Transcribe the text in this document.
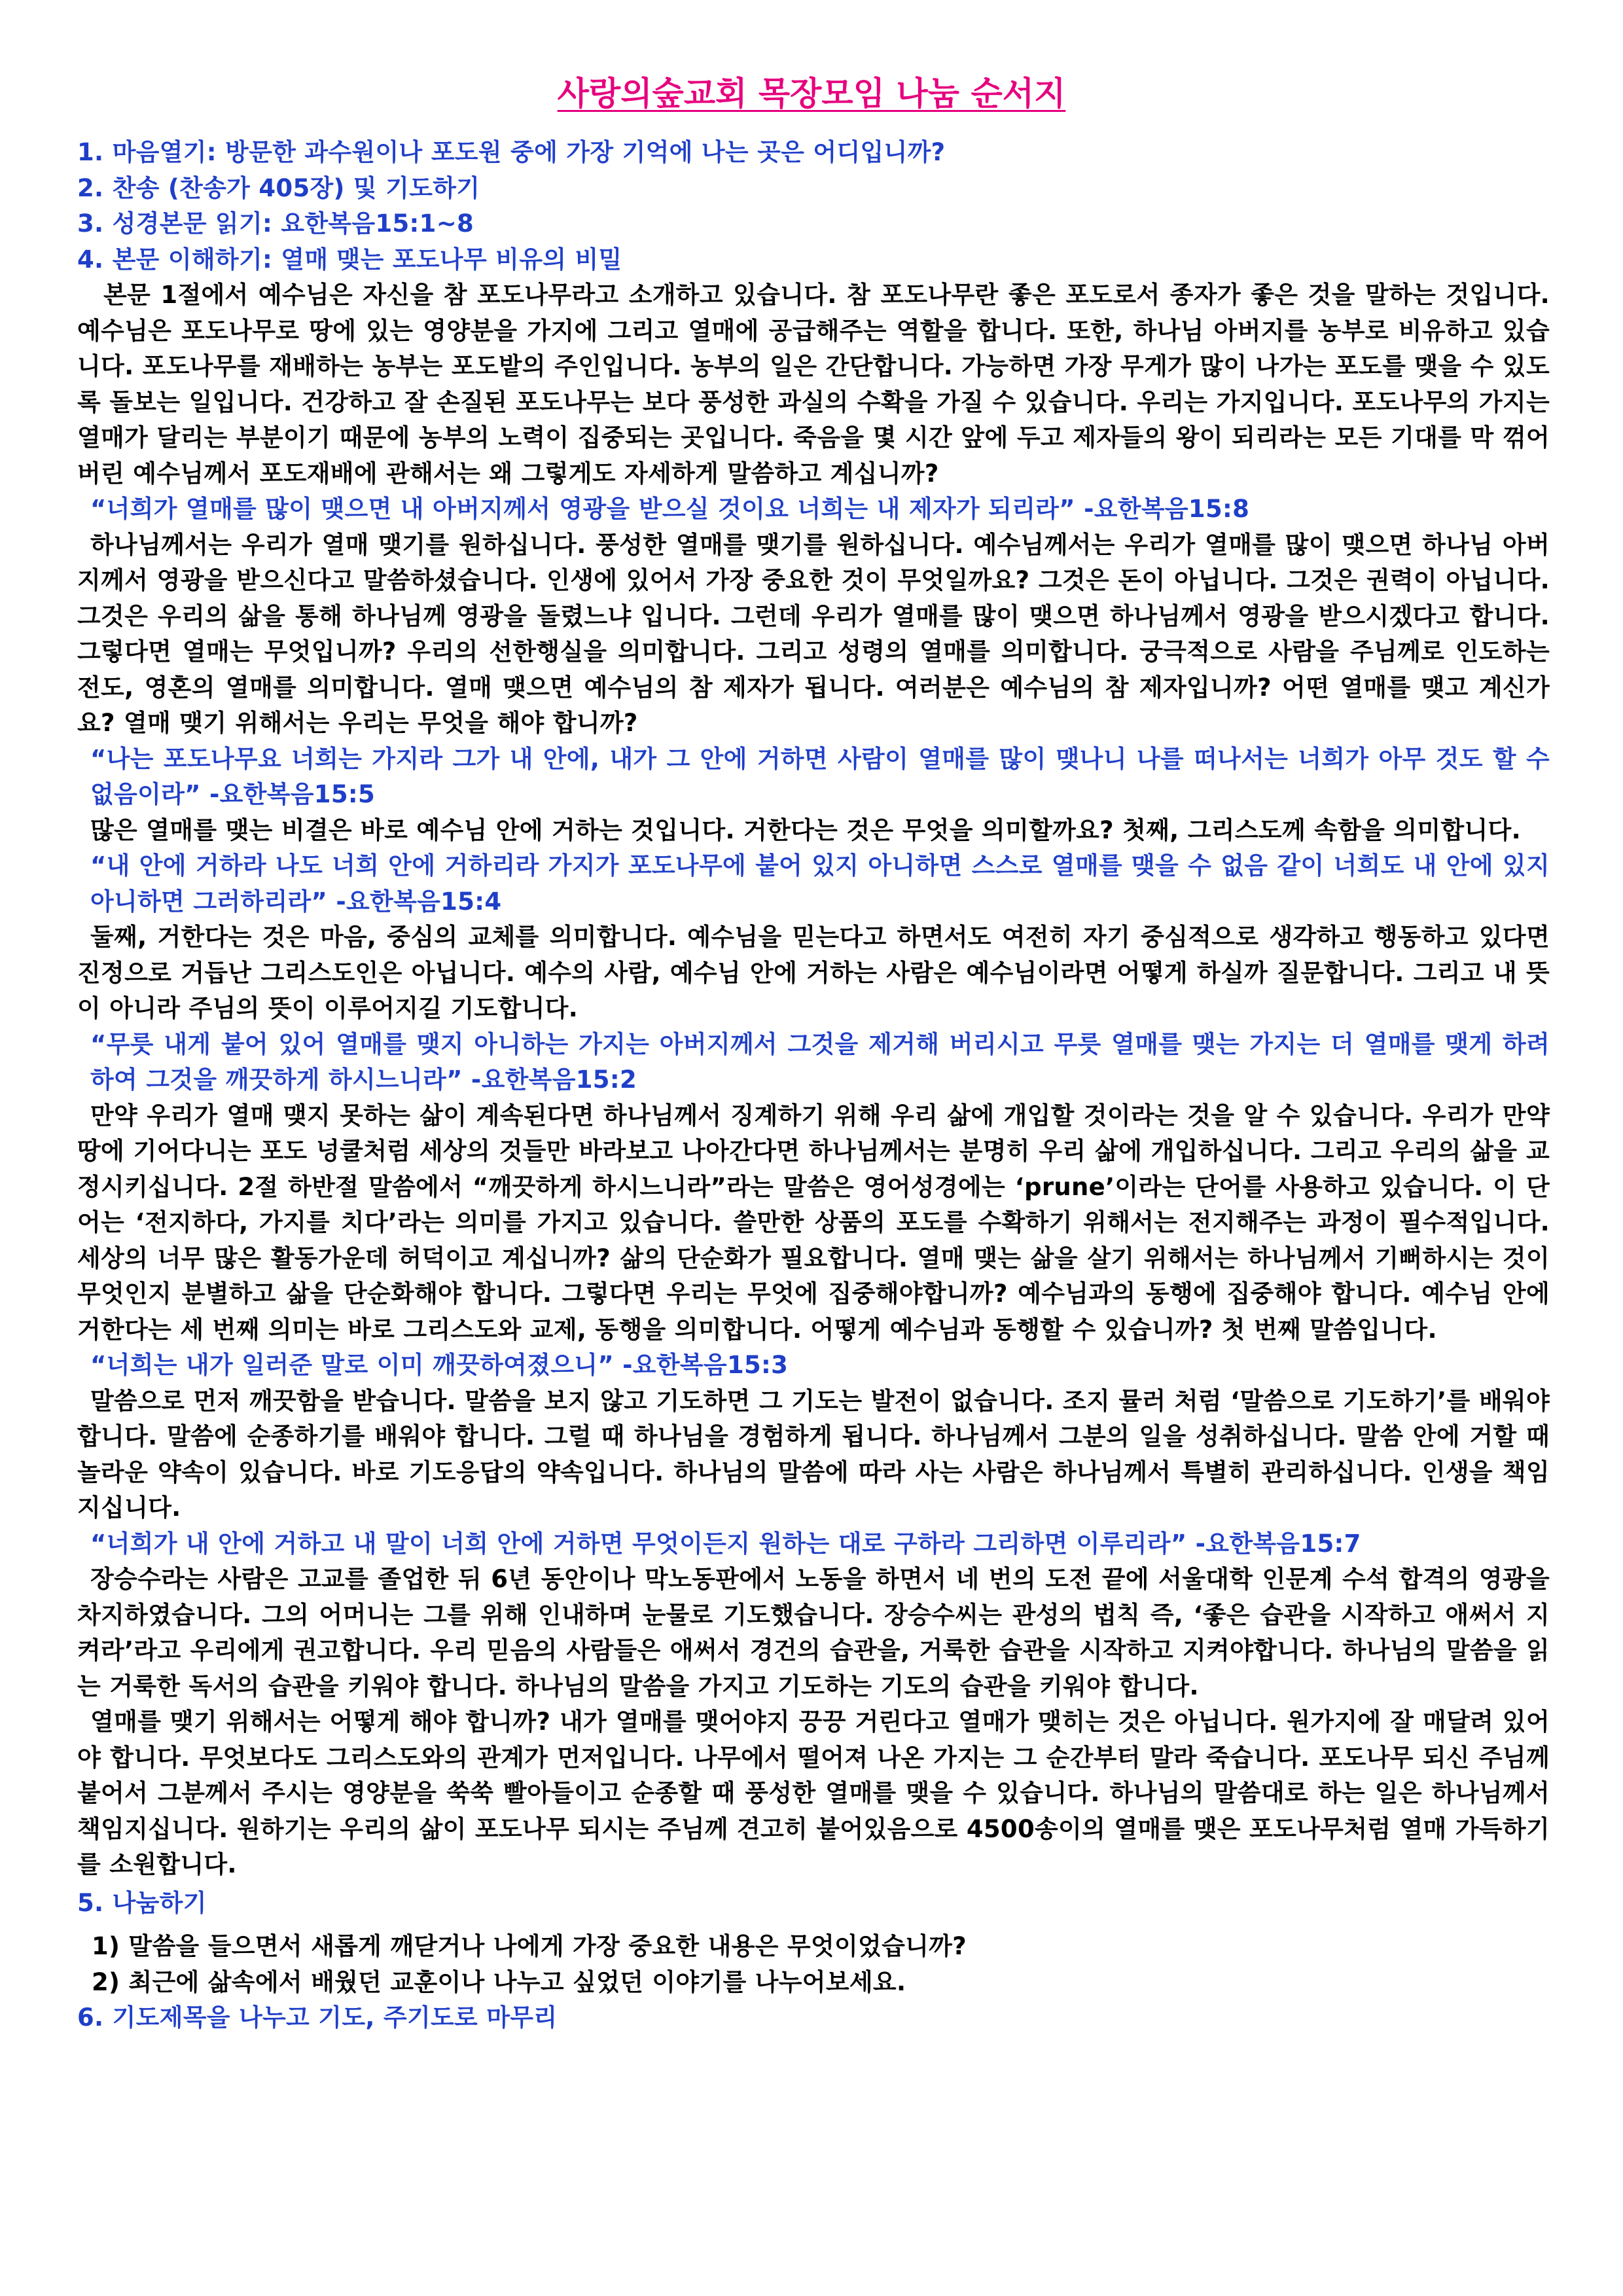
사랑의숲교회 목장모임 나눔 순서지

1. 마음열기: 방문한 과수원이나 포도원 중에 가장 기억에 나는 곳은 어디입니까?

2. 찬송 (찬송가 405장) 및 기도하기

3. 성경본문 읽기: 요한복음15:1~8

4. 본문 이해하기: 열매 맺는 포도나무 비유의 비밀

본문 1절에서 예수님은 자신을 참 포도나무라고 소개하고 있습니다. 참 포도나무란 좋은 포도로서 종자가 좋은 것을 말하는 것입니다. 예수님은 포도나무로 땅에 있는 영양분을 가지에 그리고 열매에 공급해주는 역할을 합니다. 또한, 하나님 아버지를 농부로 비유하고 있습니다. 포도나무를 재배하는 농부는 포도밭의 주인입니다. 농부의 일은 간단합니다. 가능하면 가장 무게가 많이 나가는 포도를 맺을 수 있도록 돌보는 일입니다. 건강하고 잘 손질된 포도나무는 보다 풍성한 과실의 수확을 가질 수 있습니다. 우리는 가지입니다. 포도나무의 가지는 열매가 달리는 부분이기 때문에 농부의 노력이 집중되는 곳입니다. 죽음을 몇 시간 앞에 두고 제자들의 왕이 되리라는 모든 기대를 막 꺾어버린 예수님께서 포도재배에 관해서는 왜 그렇게도 자세하게 말씀하고 계십니까?

“너희가 열매를 많이 맺으면 내 아버지께서 영광을 받으실 것이요 너희는 내 제자가 되리라” -요한복음15:8

하나님께서는 우리가 열매 맺기를 원하십니다. 풍성한 열매를 맺기를 원하십니다. 예수님께서는 우리가 열매를 많이 맺으면 하나님 아버지께서 영광을 받으신다고 말씀하셨습니다. 인생에 있어서 가장 중요한 것이 무엇일까요? 그것은 돈이 아닙니다. 그것은 권력이 아닙니다. 그것은 우리의 삶을 통해 하나님께 영광을 돌렸느냐 입니다. 그런데 우리가 열매를 많이 맺으면 하나님께서 영광을 받으시겠다고 합니다. 그렇다면 열매는 무엇입니까? 우리의 선한행실을 의미합니다. 그리고 성령의 열매를 의미합니다. 궁극적으로 사람을 주님께로 인도하는 전도, 영혼의 열매를 의미합니다. 열매 맺으면 예수님의 참 제자가 됩니다. 여러분은 예수님의 참 제자입니까? 어떤 열매를 맺고 계신가요? 열매 맺기 위해서는 우리는 무엇을 해야 합니까?

“나는 포도나무요 너희는 가지라 그가 내 안에, 내가 그 안에 거하면 사람이 열매를 많이 맺나니 나를 떠나서는 너희가 아무 것도 할 수 없음이라” -요한복음15:5

많은 열매를 맺는 비결은 바로 예수님 안에 거하는 것입니다. 거한다는 것은 무엇을 의미할까요? 첫째, 그리스도께 속함을 의미합니다.

“내 안에 거하라 나도 너희 안에 거하리라 가지가 포도나무에 붙어 있지 아니하면 스스로 열매를 맺을 수 없음 같이 너희도 내 안에 있지 아니하면 그러하리라” -요한복음15:4

둘째, 거한다는 것은 마음, 중심의 교체를 의미합니다. 예수님을 믿는다고 하면서도 여전히 자기 중심적으로 생각하고 행동하고 있다면 진정으로 거듭난 그리스도인은 아닙니다. 예수의 사람, 예수님 안에 거하는 사람은 예수님이라면 어떻게 하실까 질문합니다. 그리고 내 뜻이 아니라 주님의 뜻이 이루어지길 기도합니다.

“무릇 내게 붙어 있어 열매를 맺지 아니하는 가지는 아버지께서 그것을 제거해 버리시고 무릇 열매를 맺는 가지는 더 열매를 맺게 하려 하여 그것을 깨끗하게 하시느니라” -요한복음15:2

만약 우리가 열매 맺지 못하는 삶이 계속된다면 하나님께서 징계하기 위해 우리 삶에 개입할 것이라는 것을 알 수 있습니다. 우리가 만약 땅에 기어다니는 포도 넝쿨처럼 세상의 것들만 바라보고 나아간다면 하나님께서는 분명히 우리 삶에 개입하십니다. 그리고 우리의 삶을 교정시키십니다. 2절 하반절 말씀에서 “깨끗하게 하시느니라”라는 말씀은 영어성경에는 ‘prune’이라는 단어를 사용하고 있습니다. 이 단어는 ‘전지하다, 가지를 치다’라는 의미를 가지고 있습니다. 쓸만한 상품의 포도를 수확하기 위해서는 전지해주는 과정이 필수적입니다. 세상의 너무 많은 활동가운데 허덕이고 계십니까? 삶의 단순화가 필요합니다. 열매 맺는 삶을 살기 위해서는 하나님께서 기뻐하시는 것이 무엇인지 분별하고 삶을 단순화해야 합니다. 그렇다면 우리는 무엇에 집중해야합니까? 예수님과의 동행에 집중해야 합니다. 예수님 안에 거한다는 세 번째 의미는 바로 그리스도와 교제, 동행을 의미합니다. 어떻게 예수님과 동행할 수 있습니까? 첫 번째 말씀입니다.

“너희는 내가 일러준 말로 이미 깨끗하여졌으니” -요한복음15:3

말씀으로 먼저 깨끗함을 받습니다. 말씀을 보지 않고 기도하면 그 기도는 발전이 없습니다. 조지 뮬러 처럼 ‘말씀으로 기도하기’를 배워야 합니다. 말씀에 순종하기를 배워야 합니다. 그럴 때 하나님을 경험하게 됩니다. 하나님께서 그분의 일을 성취하십니다. 말씀 안에 거할 때 놀라운 약속이 있습니다. 바로 기도응답의 약속입니다. 하나님의 말씀에 따라 사는 사람은 하나님께서 특별히 관리하십니다. 인생을 책임지십니다.

“너희가 내 안에 거하고 내 말이 너희 안에 거하면 무엇이든지 원하는 대로 구하라 그리하면 이루리라” -요한복음15:7

장승수라는 사람은 고교를 졸업한 뒤 6년 동안이나 막노동판에서 노동을 하면서 네 번의 도전 끝에 서울대학 인문계 수석 합격의 영광을 차지하였습니다. 그의 어머니는 그를 위해 인내하며 눈물로 기도했습니다. 장승수씨는 관성의 법칙 즉, ‘좋은 습관을 시작하고 애써서 지켜라’라고 우리에게 권고합니다. 우리 믿음의 사람들은 애써서 경건의 습관을, 거룩한 습관을 시작하고 지켜야합니다. 하나님의 말씀을 읽는 거룩한 독서의 습관을 키워야 합니다. 하나님의 말씀을 가지고 기도하는 기도의 습관을 키워야 합니다.

열매를 맺기 위해서는 어떻게 해야 합니까? 내가 열매를 맺어야지 끙끙 거린다고 열매가 맺히는 것은 아닙니다. 원가지에 잘 매달려 있어야 합니다. 무엇보다도 그리스도와의 관계가 먼저입니다. 나무에서 떨어져 나온 가지는 그 순간부터 말라 죽습니다. 포도나무 되신 주님께 붙어서 그분께서 주시는 영양분을 쑥쑥 빨아들이고 순종할 때 풍성한 열매를 맺을 수 있습니다. 하나님의 말씀대로 하는 일은 하나님께서 책임지십니다. 원하기는 우리의 삶이 포도나무 되시는 주님께 견고히 붙어있음으로 4500송이의 열매를 맺은 포도나무처럼 열매 가득하기를 소원합니다.

5. 나눔하기

1) 말씀을 들으면서 새롭게 깨닫거나 나에게 가장 중요한 내용은 무엇이었습니까?

2) 최근에 삶속에서 배웠던 교훈이나 나누고 싶었던 이야기를 나누어보세요.

6. 기도제목을 나누고 기도, 주기도로 마무리
